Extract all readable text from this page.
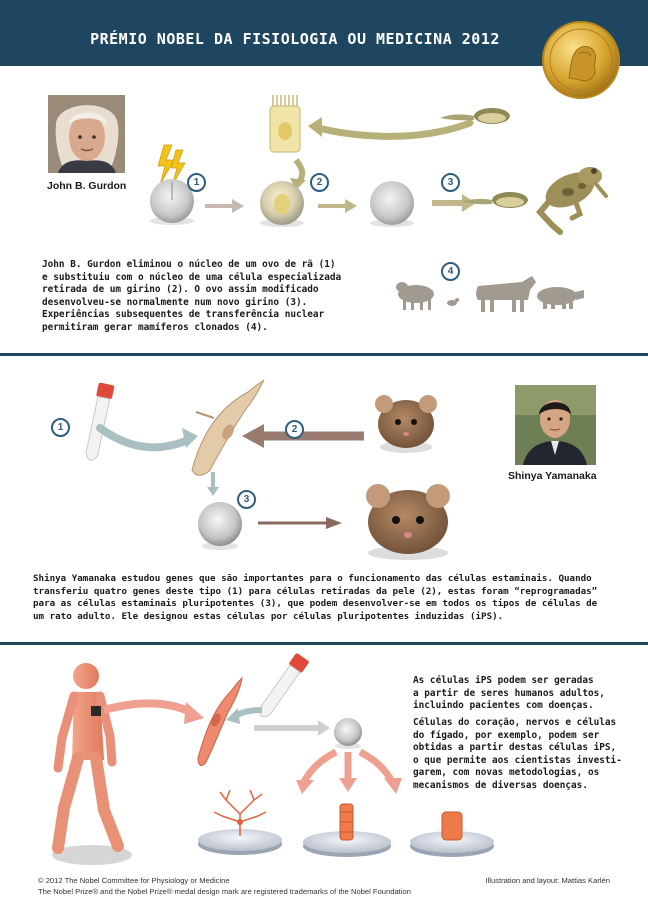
PRÉMIO NOBEL DA FISIOLOGIA OU MEDICINA 2012
John B. Gurdon	1	2	3
4
John B. Gurdon eliminou o núcleo de um ovo de rã (1)
e substituiu com o núcleo de uma célula especializada
retirada de um girino (2). O ovo assim modificado
desenvolveu-se normalmente num novo girino (3).
Experiências subsequentes de transferência nuclear
permitiram gerar mamíferos clonados (4).
1	2
3
Shinya Yamanaka
Shinya Yamanaka estudou genes que são importantes para o funcionamento das células estaminais. Quando
transferiu quatro genes deste tipo (1) para células retiradas da pele (2), estas foram “reprogramadas”
para as células estaminais pluripotentes (3), que podem desenvolver-se em todos os tipos de células de
um rato adulto. Ele designou estas células por células pluripotentes induzidas (iPS).
As células iPS podem ser geradas
a partir de seres humanos adultos,
incluindo pacientes com doenças.
Células do coração, nervos e células
do fígado, por exemplo, podem ser
obtidas a partir destas células iPS,
o que permite aos cientistas investi-
garem, com novas metodologias, os
mecanismos de diversas doenças.
© 2012 The Nobel Committee for Physiology or Medicine
The Nobel Prize® and the Nobel Prize® medal design mark are registered trademarks of the Nobel Foundation
Illustration and layout: Mattias Karlén
